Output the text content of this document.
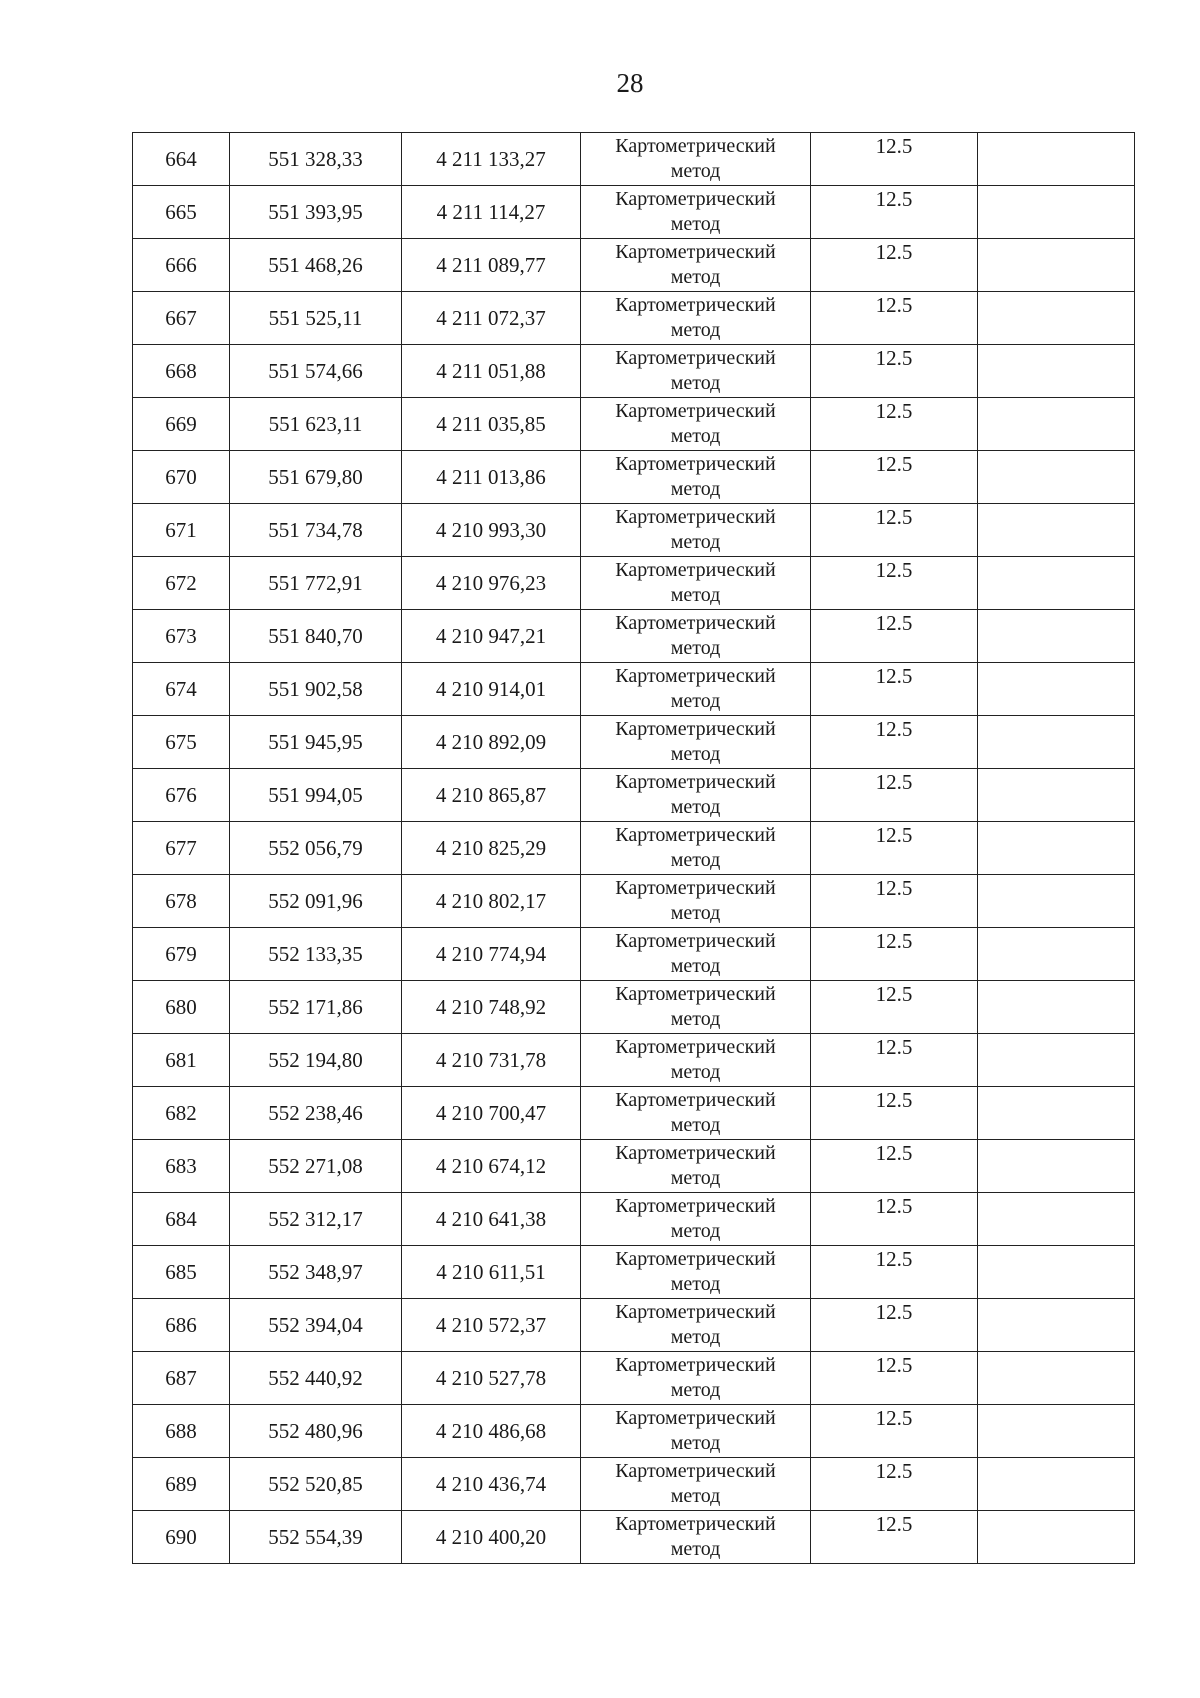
28
664	551 328,33	4 211 133,27	Картометрический
метод	12.5	
665	551 393,95	4 211 114,27	Картометрический
метод	12.5	
666	551 468,26	4 211 089,77	Картометрический
метод	12.5	
667	551 525,11	4 211 072,37	Картометрический
метод	12.5	
668	551 574,66	4 211 051,88	Картометрический
метод	12.5	
669	551 623,11	4 211 035,85	Картометрический
метод	12.5	
670	551 679,80	4 211 013,86	Картометрический
метод	12.5	
671	551 734,78	4 210 993,30	Картометрический
метод	12.5	
672	551 772,91	4 210 976,23	Картометрический
метод	12.5	
673	551 840,70	4 210 947,21	Картометрический
метод	12.5	
674	551 902,58	4 210 914,01	Картометрический
метод	12.5	
675	551 945,95	4 210 892,09	Картометрический
метод	12.5	
676	551 994,05	4 210 865,87	Картометрический
метод	12.5	
677	552 056,79	4 210 825,29	Картометрический
метод	12.5	
678	552 091,96	4 210 802,17	Картометрический
метод	12.5	
679	552 133,35	4 210 774,94	Картометрический
метод	12.5	
680	552 171,86	4 210 748,92	Картометрический
метод	12.5	
681	552 194,80	4 210 731,78	Картометрический
метод	12.5	
682	552 238,46	4 210 700,47	Картометрический
метод	12.5	
683	552 271,08	4 210 674,12	Картометрический
метод	12.5	
684	552 312,17	4 210 641,38	Картометрический
метод	12.5	
685	552 348,97	4 210 611,51	Картометрический
метод	12.5	
686	552 394,04	4 210 572,37	Картометрический
метод	12.5	
687	552 440,92	4 210 527,78	Картометрический
метод	12.5	
688	552 480,96	4 210 486,68	Картометрический
метод	12.5	
689	552 520,85	4 210 436,74	Картометрический
метод	12.5	
690	552 554,39	4 210 400,20	Картометрический
метод	12.5	
